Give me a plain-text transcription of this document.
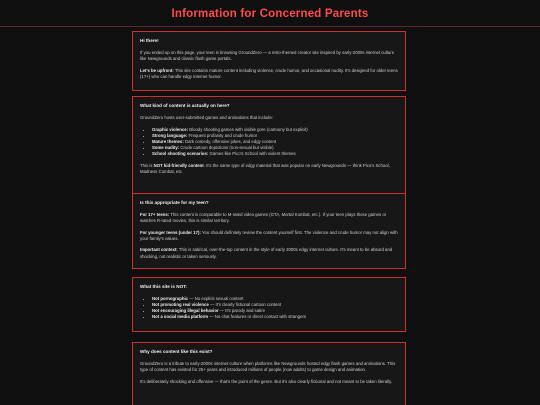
Information for Concerned Parents
Hi there!

If you ended up on this page, your teen is browsing GroundZero — a retro-themed creator site inspired by early-2000s internet culture like Newgrounds and classic flash game portals.

Let's be upfront: This site contains mature content including violence, crude humor, and occasional nudity. It's designed for older teens (17+) who can handle edgy internet humor.

What kind of content is actually on here?

GroundZero hosts user-submitted games and animations that include:

• Graphic violence: Bloody shooting games with visible gore (cartoony but explicit)
• Strong language: Frequent profanity and crude humor
• Mature themes: Dark comedy, offensive jokes, and edgy content
• Some nudity: Crude cartoon depictions (non-sexual but visible)
• School shooting scenarios: Games like Pico's School with violent themes

This is NOT kid-friendly content. It's the same type of edgy material that was popular on early Newgrounds — think Pico's School, Madness Combat, etc.

Is this appropriate for my teen?

For 17+ teens: This content is comparable to M-rated video games (GTA, Mortal Kombat, etc.). If your teen plays those games or watches R-rated movies, this is similar territory.

For younger teens (under 17): You should definitely review the content yourself first. The violence and crude humor may not align with your family's values.

Important context: This is satirical, over-the-top content in the style of early 2000s edgy internet culture. It's meant to be absurd and shocking, not realistic or taken seriously.

What this site is NOT:
• Not pornographic — No explicit sexual content
• Not promoting real violence — It's clearly fictional cartoon content
• Not encouraging illegal behavior — It's parody and satire
• Not a social media platform — No chat features or direct contact with strangers
Why does content like this exist?

GroundZero is a tribute to early-2000s internet culture when platforms like Newgrounds hosted edgy flash games and animations. This type of content has existed for 25+ years and introduced millions of people (now adults) to game design and animation.

It's deliberately shocking and offensive — that's the point of the genre. But it's also clearly fictional and not meant to be taken literally.
